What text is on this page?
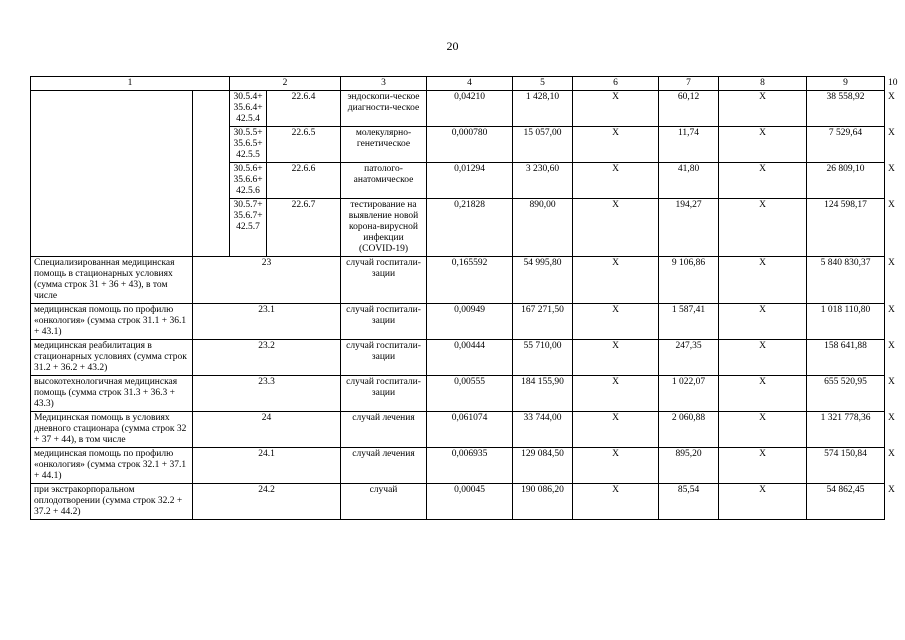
20
1		2		3	4	5	6	7	8	9	10
		30.5.4+ 35.6.4+ 42.5.4	22.6.4	эндоскопи-ческое диагности-ческое	0,04210	1 428,10	Х	60,12	Х	38 558,92	Х
		30.5.5+ 35.6.5+ 42.5.5	22.6.5	молекулярно-генетическое	0,000780	15 057,00	Х	11,74	Х	7 529,64	Х
		30.5.6+ 35.6.6+ 42.5.6	22.6.6	патолого-анатомическое	0,01294	3 230,60	Х	41,80	Х	26 809,10	Х
		30.5.7+ 35.6.7+ 42.5.7	22.6.7	тестирование на выявление новой корона-вирусной инфекции (COVID-19)	0,21828	890,00	Х	194,27	Х	124 598,17	Х
Специализированная медицинская помощь в стационарных условиях (сумма строк 31 + 36 + 43), в том числе	23			случай госпитали-зации	0,165592	54 995,80	Х	9 106,86	Х	5 840 830,37	Х
медицинская помощь по профилю «онкология» (сумма строк 31.1 + 36.1 + 43.1)	23.1			случай госпитали-зации	0,00949	167 271,50	Х	1 587,41	Х	1 018 110,80	Х
медицинская реабилитация в стационарных условиях (сумма строк 31.2 + 36.2 + 43.2)	23.2			случай госпитали-зации	0,00444	55 710,00	Х	247,35	Х	158 641,88	Х
высокотехнологичная медицинская помощь (сумма строк 31.3 + 36.3 + 43.3)	23.3			случай госпитали-зации	0,00555	184 155,90	Х	1 022,07	Х	655 520,95	Х
Медицинская помощь в условиях дневного стационара (сумма строк 32 + 37 + 44), в том числе	24			случай лечения	0,061074	33 744,00	Х	2 060,88	Х	1 321 778,36	Х
медицинская помощь по профилю «онкология» (сумма строк 32.1 + 37.1 + 44.1)	24.1			случай лечения	0,006935	129 084,50	Х	895,20	Х	574 150,84	Х
при экстракорпоральном оплодотворении (сумма строк 32.2 + 37.2 + 44.2)	24.2			случай	0,00045	190 086,20	Х	85,54	Х	54 862,45	Х
